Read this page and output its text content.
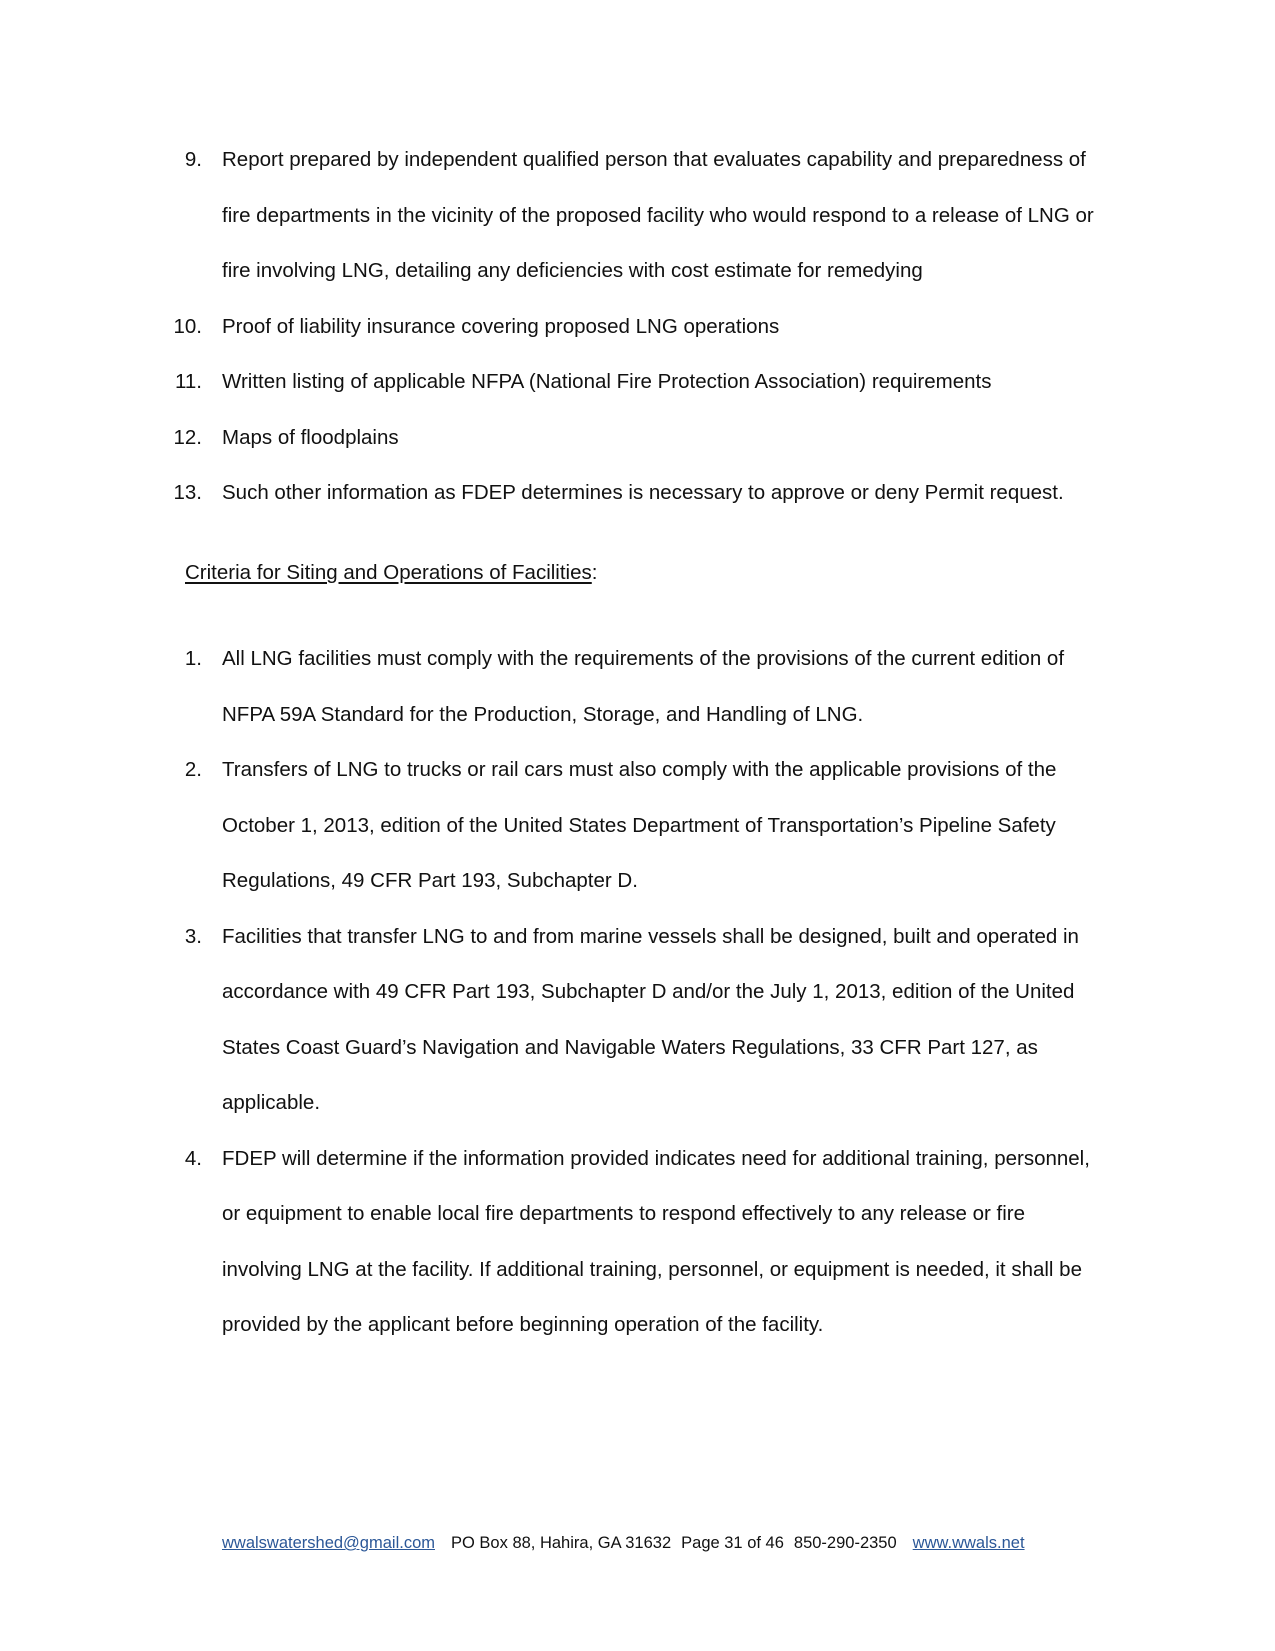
9. Report prepared by independent qualified person that evaluates capability and preparedness of fire departments in the vicinity of the proposed facility who would respond to a release of LNG or fire involving LNG, detailing any deficiencies with cost estimate for remedying
10. Proof of liability insurance covering proposed LNG operations
11. Written listing of applicable NFPA (National Fire Protection Association) requirements
12. Maps of floodplains
13. Such other information as FDEP determines is necessary to approve or deny Permit request.
Criteria for Siting and Operations of Facilities:
1. All LNG facilities must comply with the requirements of the provisions of the current edition of NFPA 59A Standard for the Production, Storage, and Handling of LNG.
2. Transfers of LNG to trucks or rail cars must also comply with the applicable provisions of the October 1, 2013, edition of the United States Department of Transportation’s Pipeline Safety Regulations, 49 CFR Part 193, Subchapter D.
3. Facilities that transfer LNG to and from marine vessels shall be designed, built and operated in accordance with 49 CFR Part 193, Subchapter D and/or the July 1, 2013, edition of the United States Coast Guard’s Navigation and Navigable Waters Regulations, 33 CFR Part 127, as applicable.
4. FDEP will determine if the information provided indicates need for additional training, personnel, or equipment to enable local fire departments to respond effectively to any release or fire involving LNG at the facility. If additional training, personnel, or equipment is needed, it shall be provided by the applicant before beginning operation of the facility.
wwalswatershed@gmail.com PO Box 88, Hahira, GA 31632 Page 31 of 46 850-290-2350 www.wwals.net
